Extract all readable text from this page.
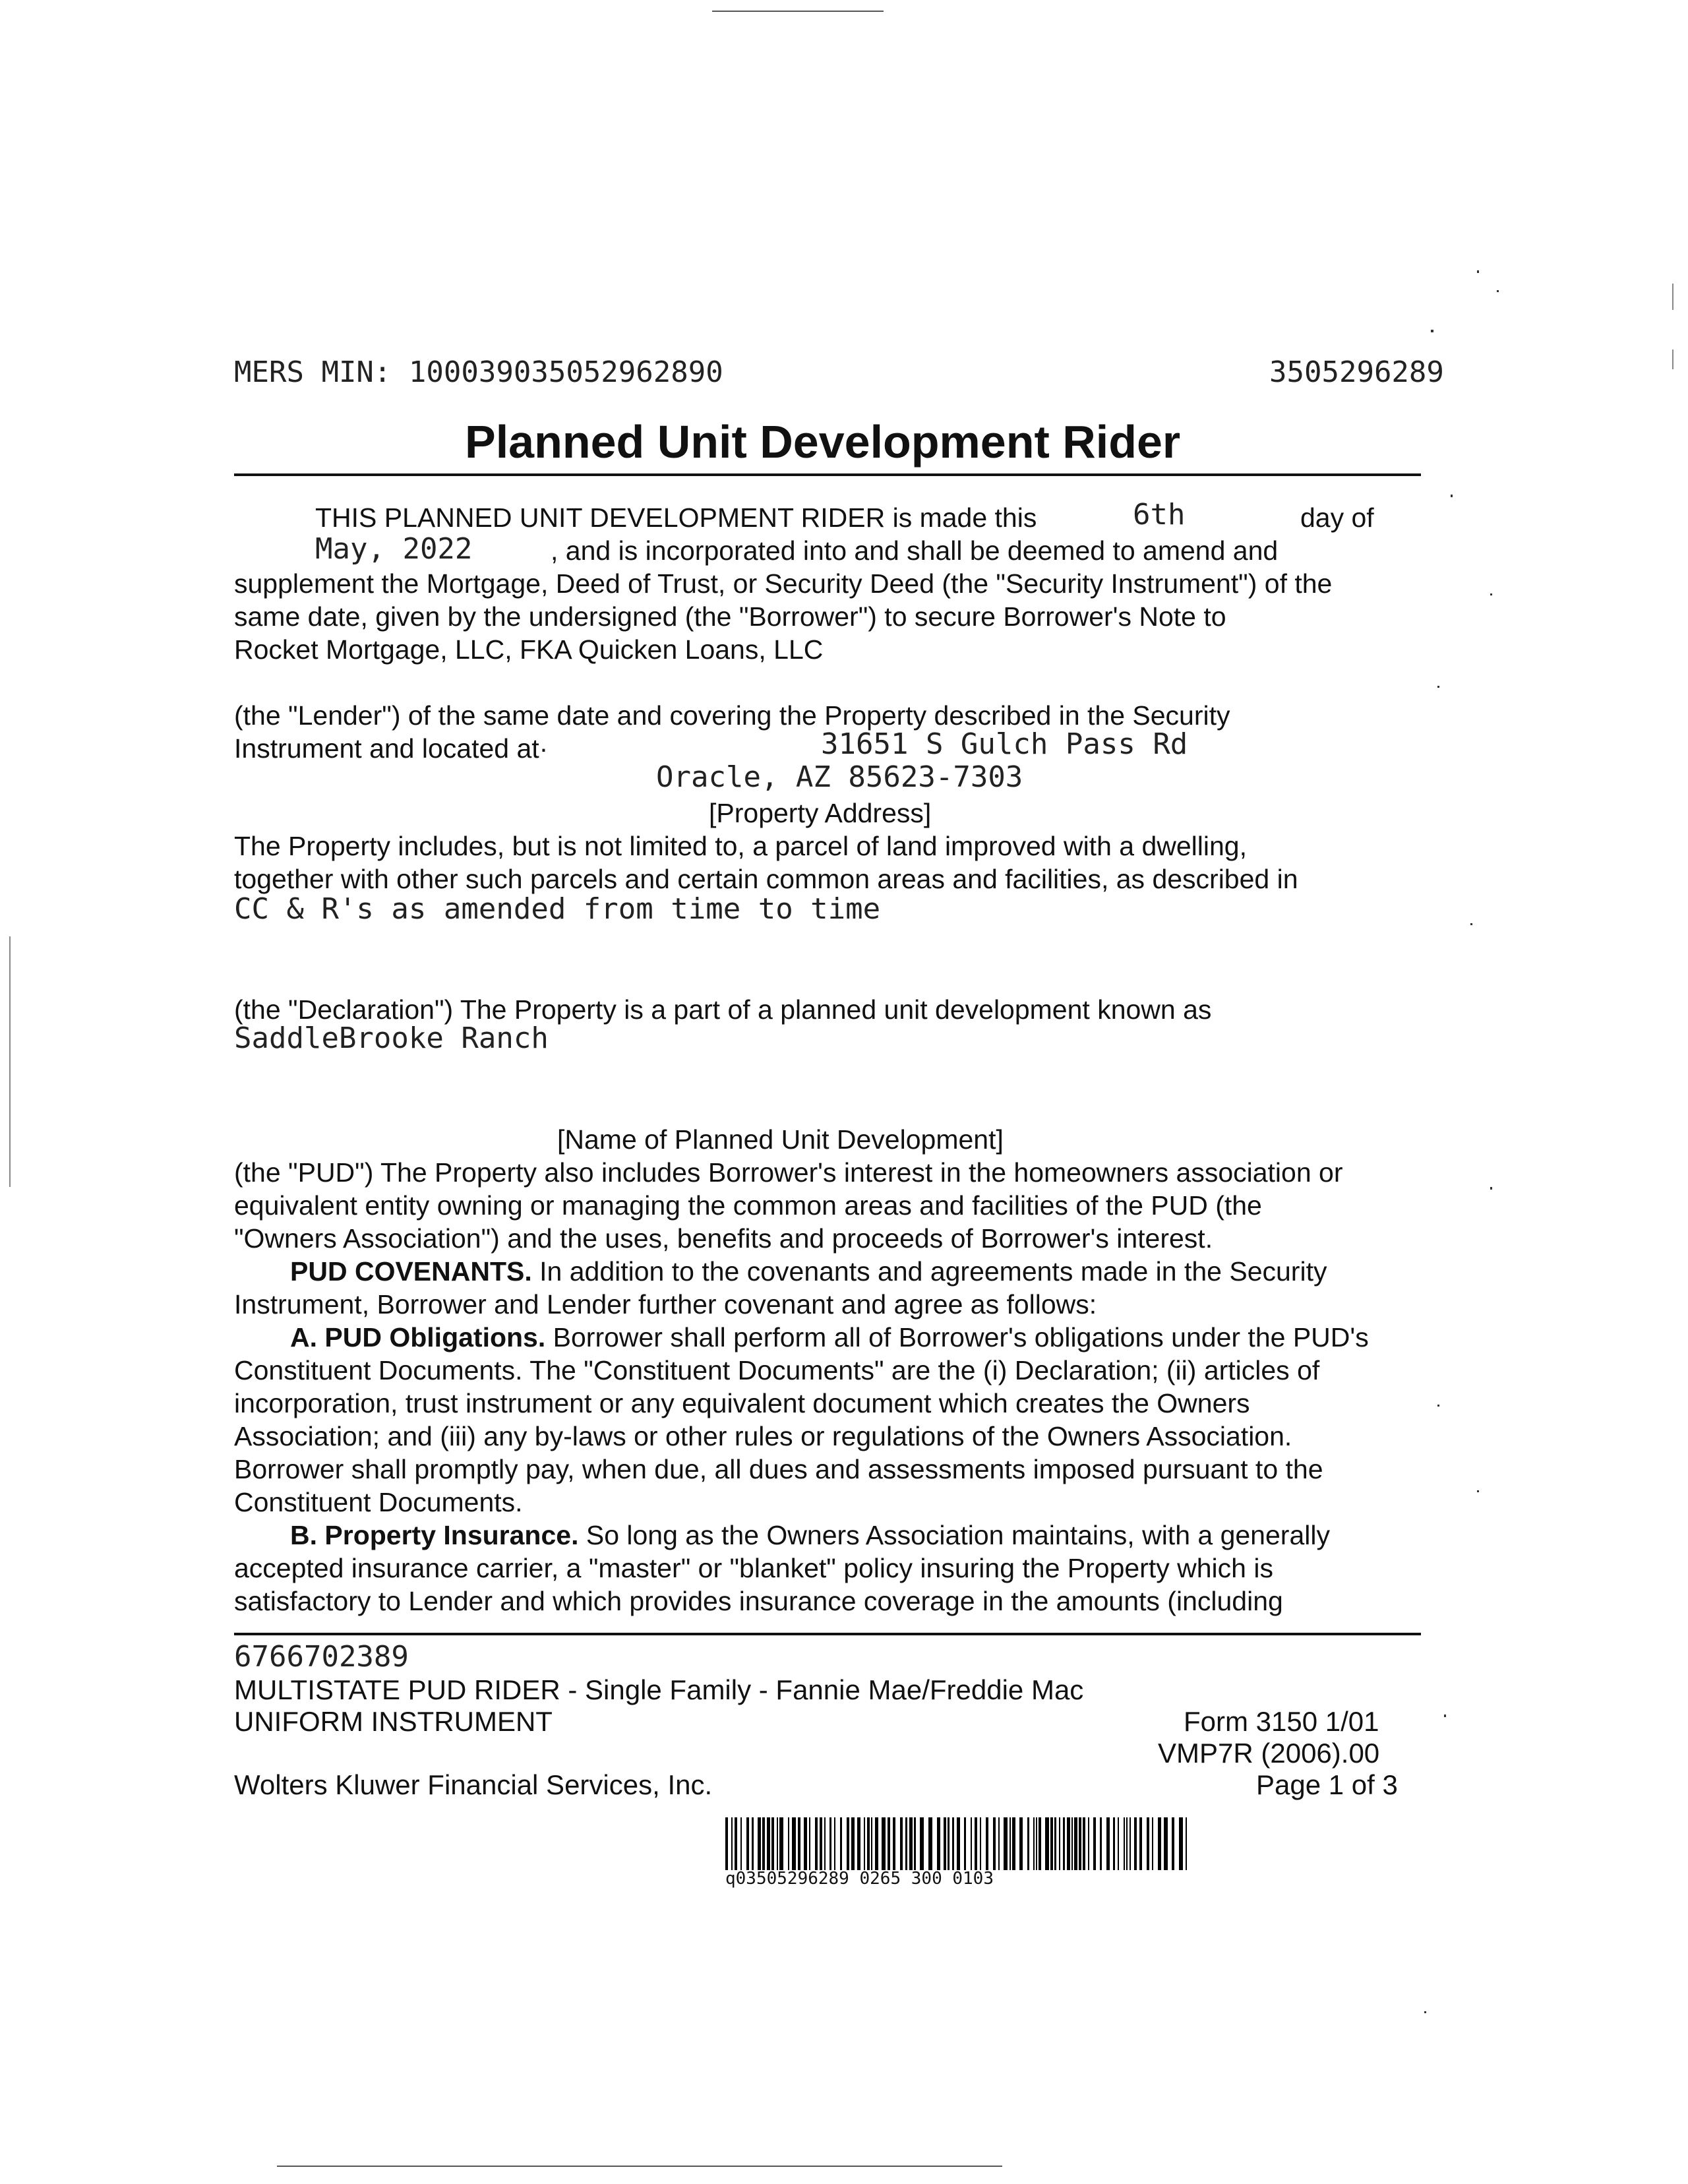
MERS MIN: 100039035052962890	3505296289
Planned Unit Development Rider
THIS PLANNED UNIT DEVELOPMENT RIDER is made this	6th	day of
May, 2022	, and is incorporated into and shall be deemed to amend and
supplement the Mortgage, Deed of Trust, or Security Deed (the "Security Instrument") of the
same date, given by the undersigned (the "Borrower") to secure Borrower's Note to
Rocket Mortgage, LLC, FKA Quicken Loans, LLC
(the "Lender") of the same date and covering the Property described in the Security
Instrument and located at·	31651 S Gulch Pass Rd
Oracle, AZ 85623-7303
[Property Address]
The Property includes, but is not limited to, a parcel of land improved with a dwelling,
together with other such parcels and certain common areas and facilities, as described in
CC & R's as amended from time to time
(the "Declaration") The Property is a part of a planned unit development known as
SaddleBrooke Ranch
[Name of Planned Unit Development]
(the "PUD") The Property also includes Borrower's interest in the homeowners association or
equivalent entity owning or managing the common areas and facilities of the PUD (the
"Owners Association") and the uses, benefits and proceeds of Borrower's interest.
PUD COVENANTS. In addition to the covenants and agreements made in the Security
Instrument, Borrower and Lender further covenant and agree as follows:
A. PUD Obligations. Borrower shall perform all of Borrower's obligations under the PUD's
Constituent Documents. The "Constituent Documents" are the (i) Declaration; (ii) articles of
incorporation, trust instrument or any equivalent document which creates the Owners
Association; and (iii) any by-laws or other rules or regulations of the Owners Association.
Borrower shall promptly pay, when due, all dues and assessments imposed pursuant to the
Constituent Documents.
B. Property Insurance. So long as the Owners Association maintains, with a generally
accepted insurance carrier, a "master" or "blanket" policy insuring the Property which is
satisfactory to Lender and which provides insurance coverage in the amounts (including
6766702389
MULTISTATE PUD RIDER - Single Family - Fannie Mae/Freddie Mac
UNIFORM INSTRUMENT	Form 3150 1/01
VMP7R (2006).00
Wolters Kluwer Financial Services, Inc.	Page 1 of 3
q03505296289 0265 300 0103
